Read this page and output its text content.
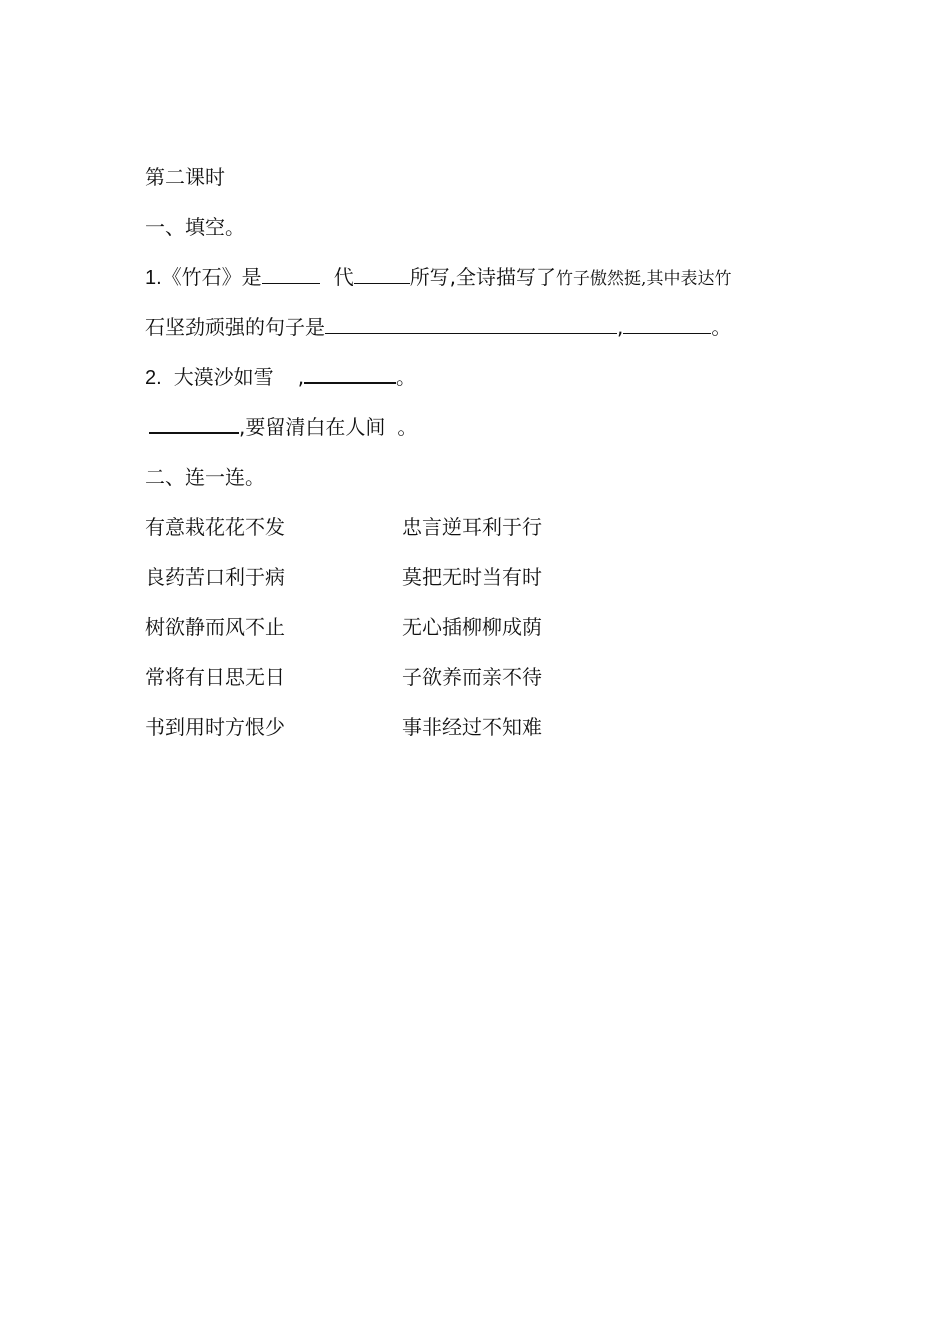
第二课时
一、填空。
1.《竹石》是	代	所写,全诗描写了竹子傲然挺,其中表达竹
石坚劲顽强的句子是	,	。
2. 大漠沙如雪 ,	。
,要留清白在人间 。
二、连一连。
有意栽花花不发	忠言逆耳利于行
良药苦口利于病	莫把无时当有时
树欲静而风不止	无心插柳柳成荫
常将有日思无日	子欲养而亲不待
书到用时方恨少	事非经过不知难
